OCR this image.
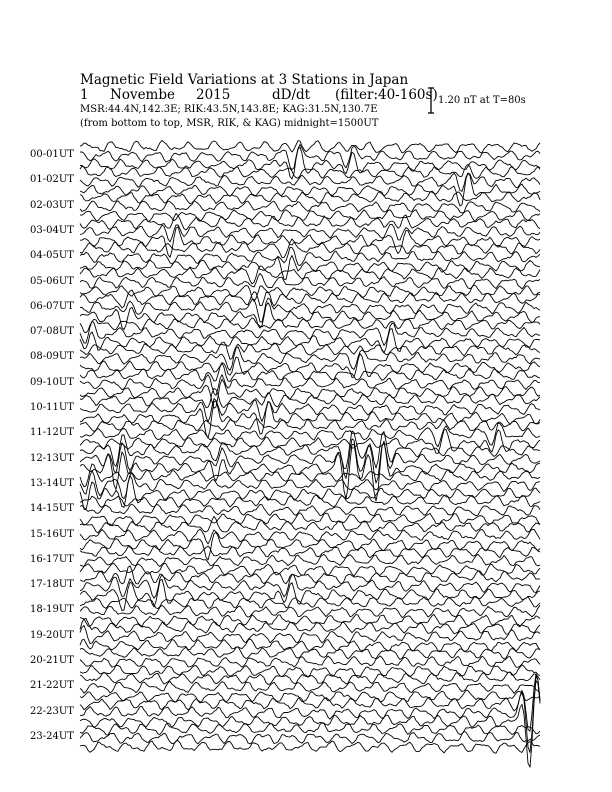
Magnetic Field Variations at 3 Stations in Japan
1 Novembe 2015	dD/dt (filter:40-160s)
MSR:44.4N,142.3E; RIK:43.5N,143.8E; KAG:31.5N,130.7E
(from bottom to top, MSR, RIK, & KAG) midnight=1500UT
1.20 nT at T=80s
00-01UT
01-02UT
02-03UT
03-04UT
04-05UT
05-06UT
06-07UT
07-08UT
08-09UT
09-10UT
10-11UT
11-12UT
12-13UT
13-14UT
14-15UT
15-16UT
16-17UT
17-18UT
18-19UT
19-20UT
20-21UT
21-22UT
22-23UT
23-24UT
